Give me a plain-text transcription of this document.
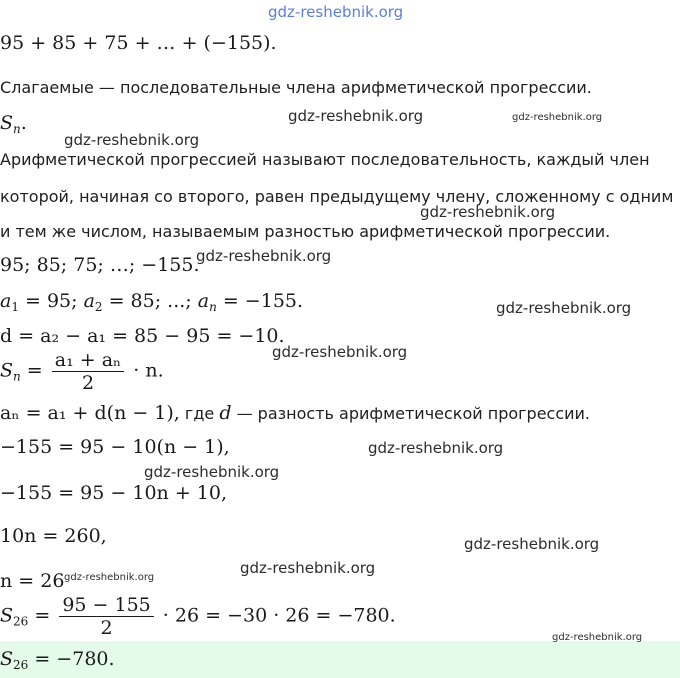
gdz-reshebnik.org
95 + 85 + 75 + … + (−155).
Слагаемые — последовательные члена арифметической прогрессии.
$S_n$.
Арифметической прогрессией называют последовательность, каждый член
которой, начиная со второго, равен предыдущему члену, сложенному с одним
и тем же числом, называемым разностью арифметической прогрессии.
95; 85; 75; …; −155.
$a_1 = 95$; $a_2 = 85$; ...; $a_n = -155$.
d = a₂ − a₁ = 85 − 95 = −10.
$S_n = \frac{\text{a₁ + aₙ}}{2} \cdot n$.
aₙ = a₁ + d(n − 1), где d — разность арифметической прогрессии.
−155 = 95 − 10(n − 1),
−155 = 95 − 10n + 10,
10n = 260,
n = 26
$S_{26} = \frac{95 - 155}{2} \cdot 26 = -30 \cdot 26 = -780$.
$S_{26} = -780$.
gdz-reshebnik.org	gdz-reshebnik.org
gdz-reshebnik.org
gdz-reshebnik.org
gdz-reshebnik.org
gdz-reshebnik.org
gdz-reshebnik.org
gdz-reshebnik.org
gdz-reshebnik.org
gdz-reshebnik.org
gdz-reshebnik.org
gdz-reshebnik.org
gdz-reshebnik.org
